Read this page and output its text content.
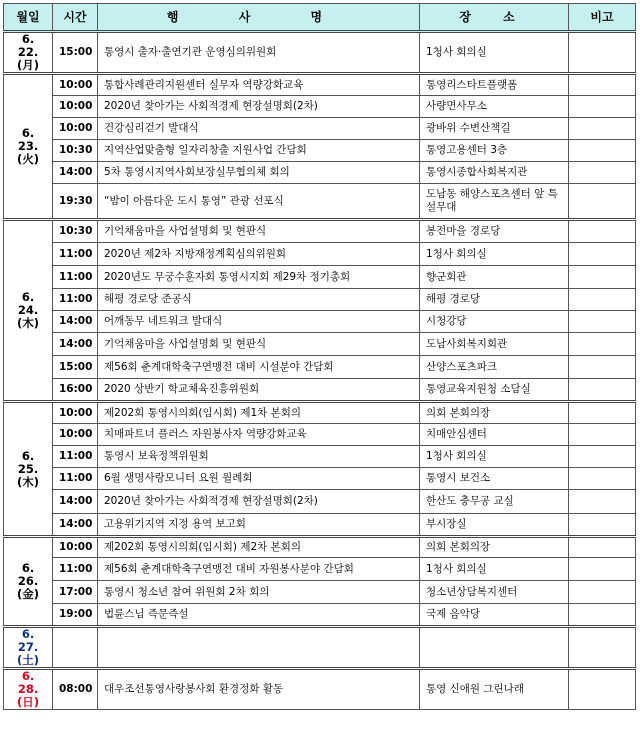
월일	시간	행 사 명	장 소	비고

6. 22.
(月)	15:00	통영시 출자·출연기관 운영심의위원회	1청사 회의실	

6. 23.
(火)	10:00	통합사례관리지원센터 실무자 역량강화교육	통영리스타트플랫폼	
	10:00	2020년 찾아가는 사회적경제 현장설명회(2차)	사량면사무소	
	10:00	건강심리걷기 발대식	광바위 수변산책길	
	10:30	지역산업맞춤형 일자리창출 지원사업 간담회	통영고용센터 3층	
	14:00	5차 통영시지역사회보장실무협의체 회의	통영시종합사회복지관	
	19:30	“밤이 아름다운 도시 통영” 관광 선포식	도남동 해양스포츠센터 앞 특설무대	

6. 24.
(木)	10:30	기억채움마을 사업설명회 및 현판식	봉전마을 경로당	
	11:00	2020년 제2차 지방재정계획심의위원회	1청사 회의실	
	11:00	2020년도 무궁수훈자회 통영시지회 제29차 정기총회	향군회관	
	11:00	해평 경로당 준공식	해평 경로당	
	14:00	어깨동무 네트워크 발대식	시청강당	
	14:00	기억채움마을 사업설명회 및 현판식	도남사회복지회관	
	15:00	제56회 춘계대학축구연맹전 대비 시설분야 간담회	산양스포츠파크	
	16:00	2020 상반기 학교체육진흥위원회	통영교육지원청 소담실	

6. 25.
(木)	10:00	제202회 통영시의회(임시회) 제1차 본회의	의회 본회의장	
	10:00	치매파트너 플러스 자원봉사자 역량강화교육	치매안심센터	
	11:00	통영시 보육정책위원회	1청사 회의실	
	11:00	6월 생명사랑모니터 요원 월례회	통영시 보건소	
	14:00	2020년 찾아가는 사회적경제 현장설명회(2차)	한산도 충무공 교실	
	14:00	고용위기지역 지정 용역 보고회	부시장실	

6. 26.
(金)	10:00	제202회 통영시의회(임시회) 제2차 본회의	의회 본회의장	
	11:00	제56회 춘계대학축구연맹전 대비 자원봉사분야 간담회	1청사 회의실	
	17:00	통영시 청소년 참여 위원회 2차 회의	청소년상담복지센터	
	19:00	법륜스님 즉문즉설	국제 음악당	

6. 27.
(土)				

6. 28.
(日)	08:00	대우조선통영사랑봉사회 환경정화 활동	통영 신애원 그린나래	
